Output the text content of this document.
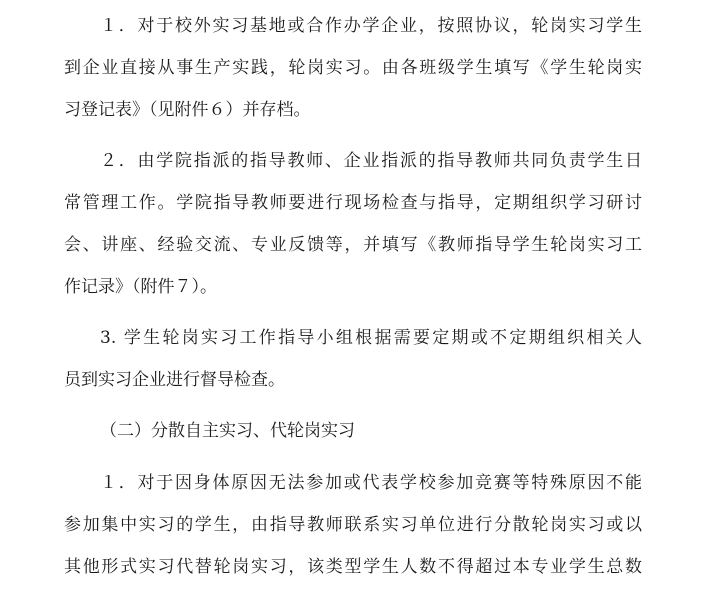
１．对于校外实习基地或合作办学企业，按照协议，轮岗实习学生
到企业直接从事生产实践，轮岗实习。由各班级学生填写《学生轮岗实
习登记表》（见附件６）并存档。
２．由学院指派的指导教师、企业指派的指导教师共同负责学生日
常管理工作。学院指导教师要进行现场检查与指导，定期组织学习研讨
会、讲座、经验交流、专业反馈等，并填写《教师指导学生轮岗实习工
作记录》（附件７）。
3. 学生轮岗实习工作指导小组根据需要定期或不定期组织相关人
员到实习企业进行督导检查。
（二）分散自主实习、代轮岗实习
１．对于因身体原因无法参加或代表学校参加竞赛等特殊原因不能
参加集中实习的学生，由指导教师联系实习单位进行分散轮岗实习或以
其他形式实习代替轮岗实习，该类型学生人数不得超过本专业学生总数
